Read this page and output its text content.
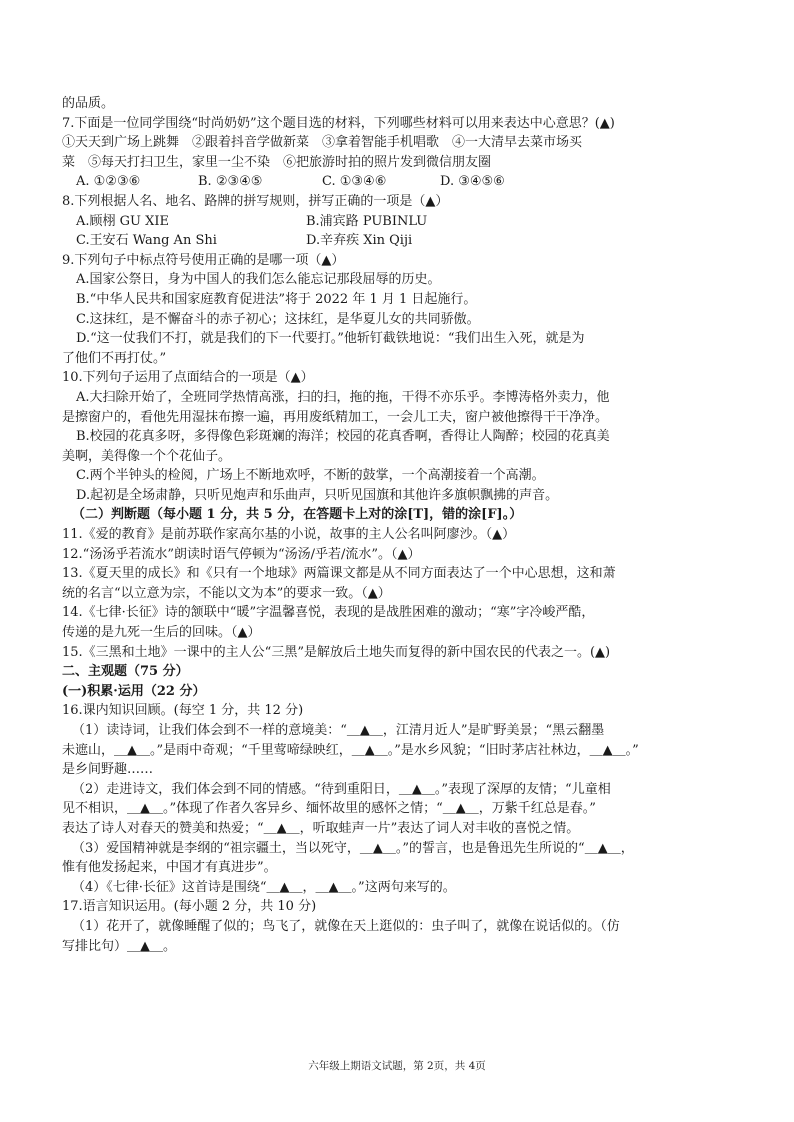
的品质。
7.下面是一位同学围绕“时尚奶奶”这个题目选的材料，下列哪些材料可以用来表达中心意思？(▲)
①天天到广场上跳舞　②跟着抖音学做新菜　③拿着智能手机唱歌　④一大清早去菜市场买
菜　⑤每天打扫卫生，家里一尘不染　⑥把旅游时拍的照片发到微信朋友圈
A. ①②③⑥	B. ②③④⑤	C. ①③④⑥	D. ③④⑤⑥
8.下列根据人名、地名、路牌的拼写规则，拼写正确的一项是（▲）
A.顾栩 GU XIE	B.浦宾路 PUBINLU
C.王安石 Wang An Shi	D.辛弃疾 Xin Qiji
9.下列句子中标点符号使用正确的是哪一项（▲）
A.国家公祭日，身为中国人的我们怎么能忘记那段屈辱的历史。
B.“中华人民共和国家庭教育促进法”将于 2022 年 1 月 1 日起施行。
C.这抹红，是不懈奋斗的赤子初心；这抹红，是华夏儿女的共同骄傲。
D.“这一仗我们不打，就是我们的下一代要打。”他斩钉截铁地说：“我们出生入死，就是为
了他们不再打仗。”
10.下列句子运用了点面结合的一项是（▲）
A.大扫除开始了，全班同学热情高涨，扫的扫，拖的拖，干得不亦乐乎。李博涛格外卖力，他
是擦窗户的，看他先用湿抹布擦一遍，再用废纸精加工，一会儿工夫，窗户被他擦得干干净净。
B.校园的花真多呀，多得像色彩斑斓的海洋；校园的花真香啊，香得让人陶醉；校园的花真美
美啊，美得像一个个花仙子。
C.两个半钟头的检阅，广场上不断地欢呼，不断的鼓掌，一个高潮接着一个高潮。
D.起初是全场肃静，只听见炮声和乐曲声，只听见国旗和其他许多旗帜飘拂的声音。
（二）判断题（每小题 1 分，共 5 分，在答题卡上对的涂[T]，错的涂[F]。）
11.《爱的教育》是前苏联作家高尔基的小说，故事的主人公名叫阿廖沙。（▲）
12.“汤汤乎若流水”朗读时语气停顿为“汤汤/乎若/流水”。（▲）
13.《夏天里的成长》和《只有一个地球》两篇课文都是从不同方面表达了一个中心思想，这和萧
统的名言“以立意为宗，不能以文为本”的要求一致。（▲）
14.《七律·长征》诗的颔联中“暖”字温馨喜悦，表现的是战胜困难的激动；“寒”字冷峻严酷，
传递的是九死一生后的回味。（▲）
15.《三黑和土地》一课中的主人公“三黑”是解放后土地失而复得的新中国农民的代表之一。(▲)
二、主观题（75 分）
(一)积累·运用（22 分）
16.课内知识回顾。(每空 1 分，共 12 分)
（1）读诗词，让我们体会到不一样的意境美：“＿▲＿，江清月近人”是旷野美景；“黑云翻墨
未遮山，＿▲＿。”是雨中奇观；“千里莺啼绿映红，＿▲＿。”是水乡风貌；“旧时茅店社林边，＿▲＿。”
是乡间野趣……
（2）走进诗文，我们体会到不同的情感。“待到重阳日，＿▲＿。”表现了深厚的友情；“儿童相
见不相识，＿▲＿。”体现了作者久客异乡、缅怀故里的感怀之情；“＿▲＿，万紫千红总是春。”
表达了诗人对春天的赞美和热爱；“＿▲＿，听取蛙声一片”表达了词人对丰收的喜悦之情。
（3）爱国精神就是李纲的“祖宗疆土，当以死守，＿▲＿。”的誓言，也是鲁迅先生所说的“＿▲＿，
惟有他发扬起来，中国才有真进步”。
（4）《七律·长征》这首诗是围绕“＿▲＿，＿▲＿。”这两句来写的。
17.语言知识运用。(每小题 2 分，共 10 分)
（1）花开了，就像睡醒了似的；鸟飞了，就像在天上逛似的：虫子叫了，就像在说话似的。（仿
写排比句）＿▲＿。
六年级上期语文试题，第 2页，共 4页
